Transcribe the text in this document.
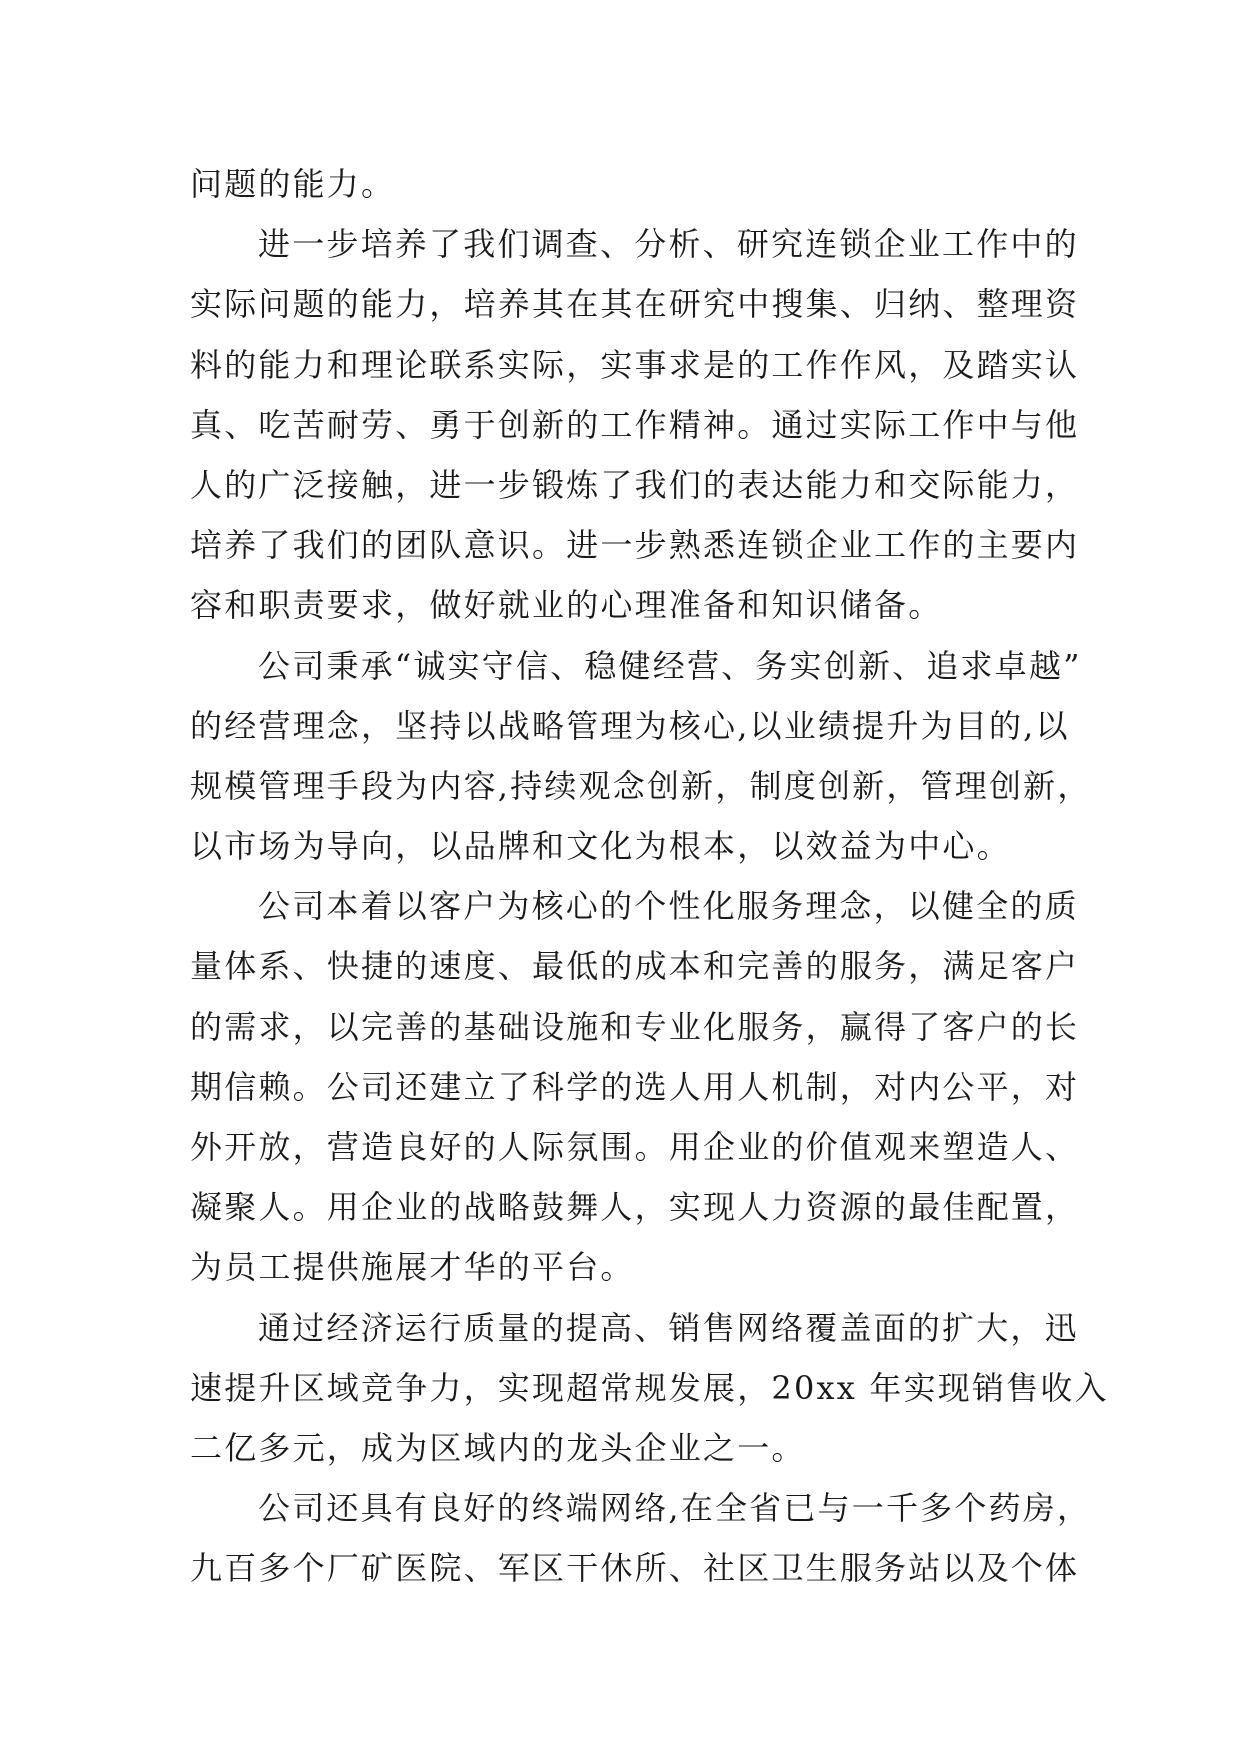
问题的能力。
进一步培养了我们调查、分析、研究连锁企业工作中的
实际问题的能力，培养其在其在研究中搜集、归纳、整理资
料的能力和理论联系实际，实事求是的工作作风，及踏实认
真、吃苦耐劳、勇于创新的工作精神。通过实际工作中与他
人的广泛接触，进一步锻炼了我们的表达能力和交际能力，
培养了我们的团队意识。进一步熟悉连锁企业工作的主要内
容和职责要求，做好就业的心理准备和知识储备。
公司秉承“诚实守信、稳健经营、务实创新、追求卓越”
的经营理念，坚持以战略管理为核心,以业绩提升为目的,以
规模管理手段为内容,持续观念创新，制度创新，管理创新，
以市场为导向，以品牌和文化为根本，以效益为中心。
公司本着以客户为核心的个性化服务理念，以健全的质
量体系、快捷的速度、最低的成本和完善的服务，满足客户
的需求，以完善的基础设施和专业化服务，赢得了客户的长
期信赖。公司还建立了科学的选人用人机制，对内公平，对
外开放，营造良好的人际氛围。用企业的价值观来塑造人、
凝聚人。用企业的战略鼓舞人，实现人力资源的最佳配置，
为员工提供施展才华的平台。
通过经济运行质量的提高、销售网络覆盖面的扩大，迅
速提升区域竞争力，实现超常规发展，20xx 年实现销售收入
二亿多元，成为区域内的龙头企业之一。
公司还具有良好的终端网络,在全省已与一千多个药房，
九百多个厂矿医院、军区干休所、社区卫生服务站以及个体
